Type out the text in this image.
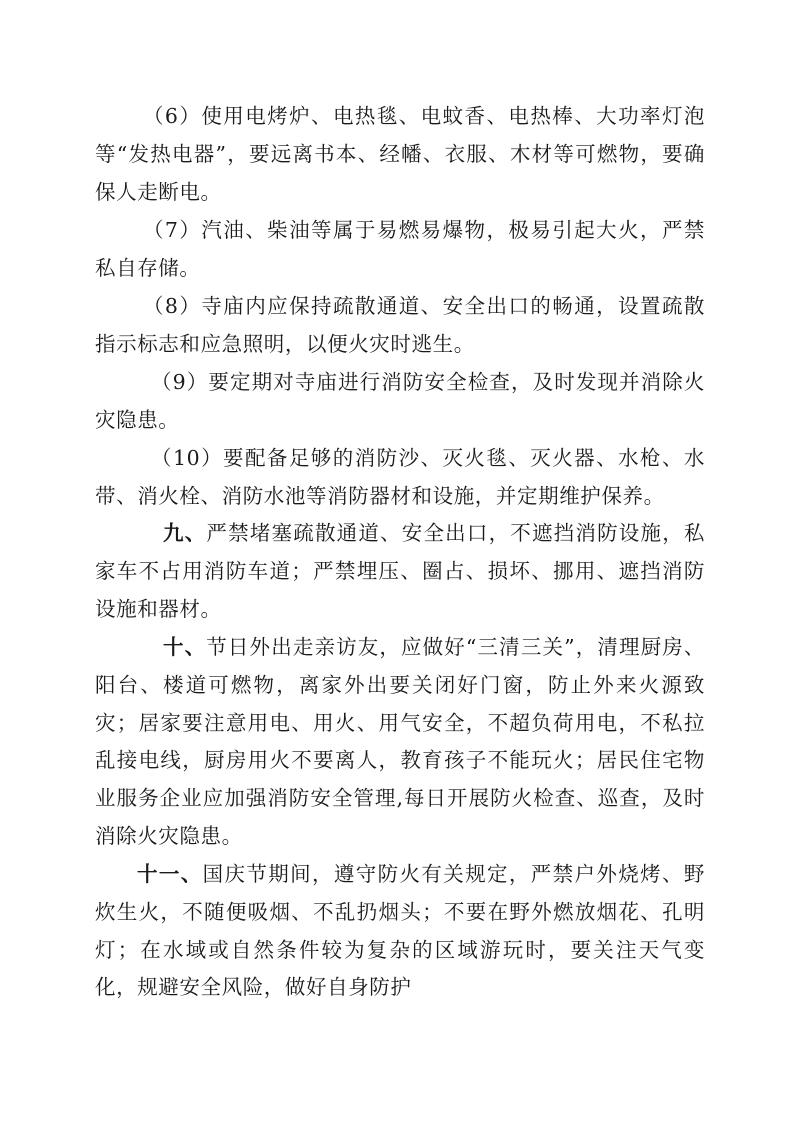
（6）使用电烤炉、电热毯、电蚊香、电热棒、大功率灯泡等“发热电器”，要远离书本、经幡、衣服、木材等可燃物，要确保人走断电。

（7）汽油、柴油等属于易燃易爆物，极易引起大火，严禁私自存储。

（8）寺庙内应保持疏散通道、安全出口的畅通，设置疏散指示标志和应急照明，以便火灾时逃生。

（9）要定期对寺庙进行消防安全检查，及时发现并消除火灾隐患。

（10）要配备足够的消防沙、灭火毯、灭火器、水枪、水带、消火栓、消防水池等消防器材和设施，并定期维护保养。

九、严禁堵塞疏散通道、安全出口，不遮挡消防设施，私家车不占用消防车道；严禁埋压、圈占、损坏、挪用、遮挡消防设施和器材。

十、节日外出走亲访友，应做好“三清三关”，清理厨房、阳台、楼道可燃物，离家外出要关闭好门窗，防止外来火源致灾；居家要注意用电、用火、用气安全，不超负荷用电，不私拉乱接电线，厨房用火不要离人，教育孩子不能玩火；居民住宅物业服务企业应加强消防安全管理,每日开展防火检查、巡查，及时消除火灾隐患。

十一、国庆节期间，遵守防火有关规定，严禁户外烧烤、野炊生火，不随便吸烟、不乱扔烟头；不要在野外燃放烟花、孔明灯；在水域或自然条件较为复杂的区域游玩时，要关注天气变化，规避安全风险，做好自身防护
